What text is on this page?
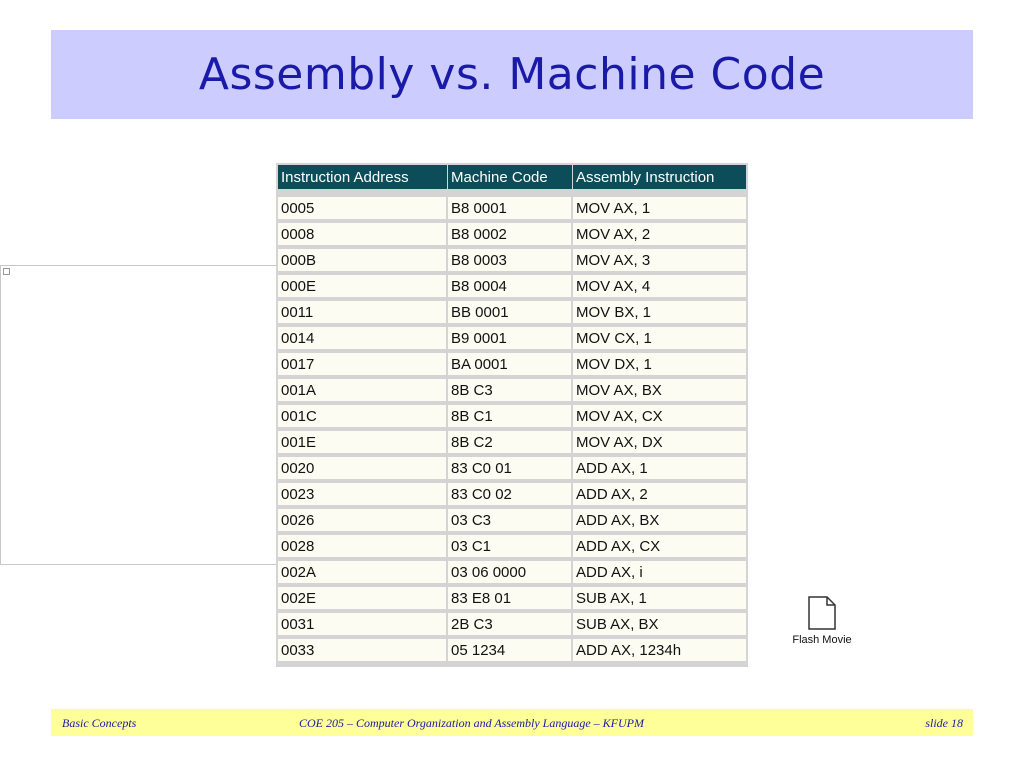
Assembly vs. Machine Code
Instruction Address	Machine Code	Assembly Instruction

0005	B8 0001	MOV AX, 1
0008	B8 0002	MOV AX, 2
000B	B8 0003	MOV AX, 3
000E	B8 0004	MOV AX, 4
0011	BB 0001	MOV BX, 1
0014	B9 0001	MOV CX, 1
0017	BA 0001	MOV DX, 1
001A	8B C3	MOV AX, BX
001C	8B C1	MOV AX, CX
001E	8B C2	MOV AX, DX
0020	83 C0 01	ADD AX, 1
0023	83 C0 02	ADD AX, 2
0026	03 C3	ADD AX, BX
0028	03 C1	ADD AX, CX
002A	03 06 0000	ADD AX, i
002E	83 E8 01	SUB AX, 1
0031	2B C3	SUB AX, BX
0033	05 1234	ADD AX, 1234h
Flash Movie
Basic Concepts	COE 205 – Computer Organization and Assembly Language – KFUPM	slide 18
